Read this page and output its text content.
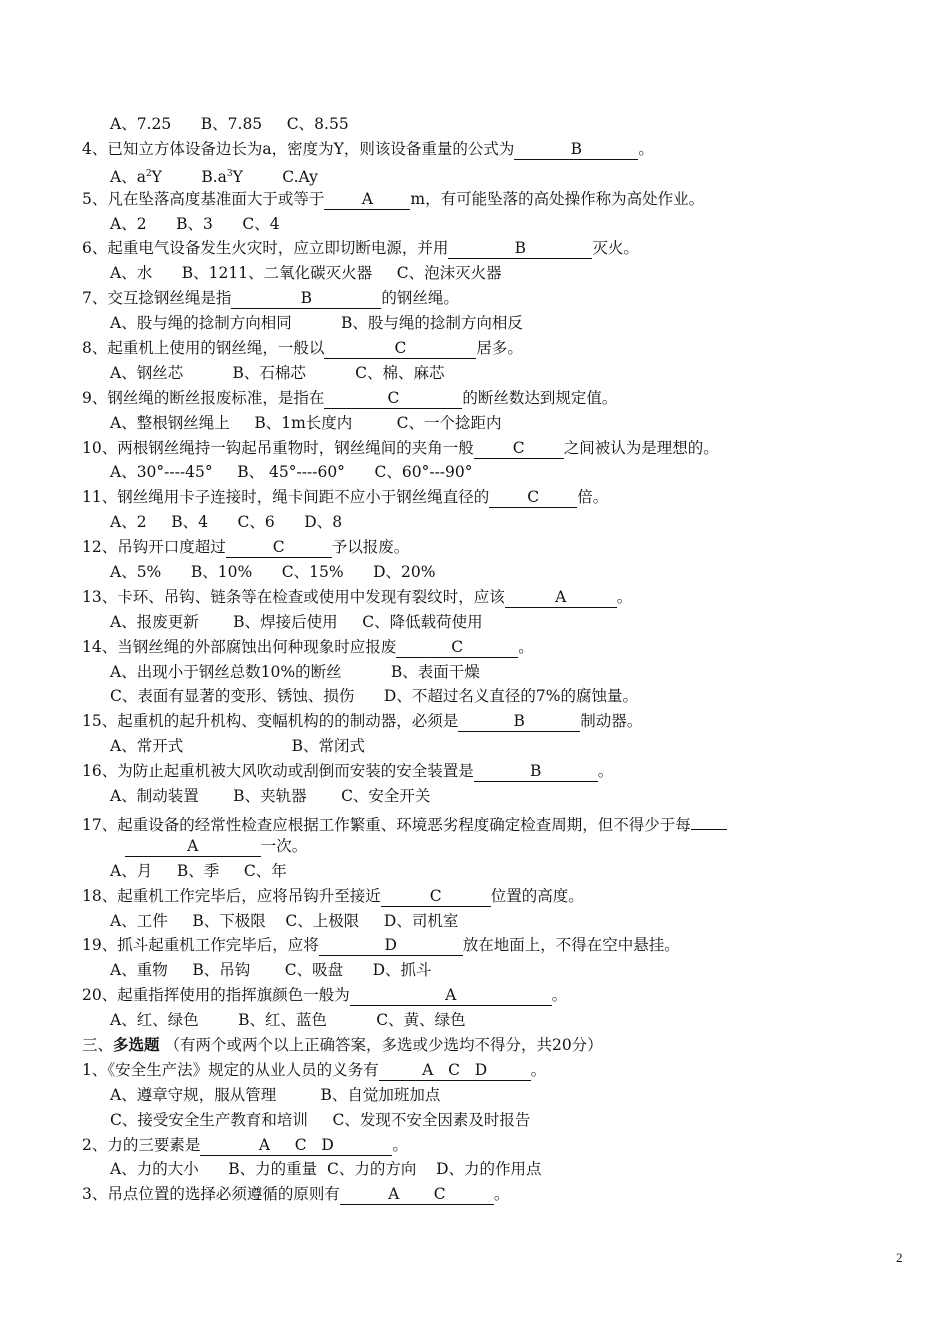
A、7.25      B、7.85     C、8.55
4、已知立方体设备边长为a，密度为Y，则该设备重量的公式为	B	。
A、$a^2Y$        $B.a^3Y$        C.Ay
5、凡在坠落高度基准面大于或等于 A m，有可能坠落的高处操作称为高处作业。
A、2      B、3      C、4
6、起重电气设备发生火灾时，应立即切断电源，并用	B	灭火。
A、水      B、1211、二氧化碳灭火器     C、泡沫灭火器
7、交互捻钢丝绳是指	B	的钢丝绳。
A、股与绳的捻制方向相同          B、股与绳的捻制方向相反
8、起重机上使用的钢丝绳，一般以	C	居多。
A、钢丝芯          B、石棉芯          C、棉、麻芯
9、钢丝绳的断丝报废标准，是指在	C	的断丝数达到规定值。
A、整根钢丝绳上     B、1m长度内         C、一个捻距内
10、两根钢丝绳持一钩起吊重物时，钢丝绳间的夹角一般	C	之间被认为是理想的。
A、30°----45°     B、 45°----60°      C、60°---90°
11、钢丝绳用卡子连接时，绳卡间距不应小于钢丝绳直径的 C 倍。
A、2     B、4      C、6      D、8
12、吊钩开口度超过	C	予以报废。
A、5%      B、10%      C、15%      D、20%
13、卡环、吊钩、链条等在检查或使用中发现有裂纹时，应该	A	。
A、报废更新       B、焊接后使用     C、降低载荷使用
14、当钢丝绳的外部腐蚀出何种现象时应报废	C	。
A、出现小于钢丝总数10%的断丝          B、表面干燥
C、表面有显著的变形、锈蚀、损伤      D、不超过名义直径的7%的腐蚀量。
15、起重机的起升机构、变幅机构的的制动器，必须是	B	制动器。
A、常开式                      B、常闭式
16、为防止起重机被大风吹动或刮倒而安装的安全装置是	B	。
A、制动装置       B、夹轨器       C、安全开关
17、起重设备的经常性检查应根据工作繁重、环境恶劣程度确定检查周期，但不得少于每
A	一次。
A、月     B、季     C、年
18、起重机工作完毕后，应将吊钩升至接近	C	位置的高度。
A、工件     B、下极限    C、上极限     D、司机室
19、抓斗起重机工作完毕后，应将	D	放在地面上，不得在空中悬挂。
A、重物     B、吊钩       C、吸盘      D、抓斗
20、起重指挥使用的指挥旗颜色一般为	A	。
A、红、绿色        B、红、蓝色          C、黄、绿色
三、多选题 （有两个或两个以上正确答案，多选或少选均不得分，共20分）
1、《安全生产法》规定的从业人员的义务有	A   C   D	。
A、遵章守规，服从管理         B、自觉加班加点
C、接受安全生产教育和培训     C、发现不安全因素及时报告
2、力的三要素是	A     C   D	。
A、力的大小      B、力的重量  C、力的方向    D、力的作用点
3、吊点位置的选择必须遵循的原则有	A       C	。
2
